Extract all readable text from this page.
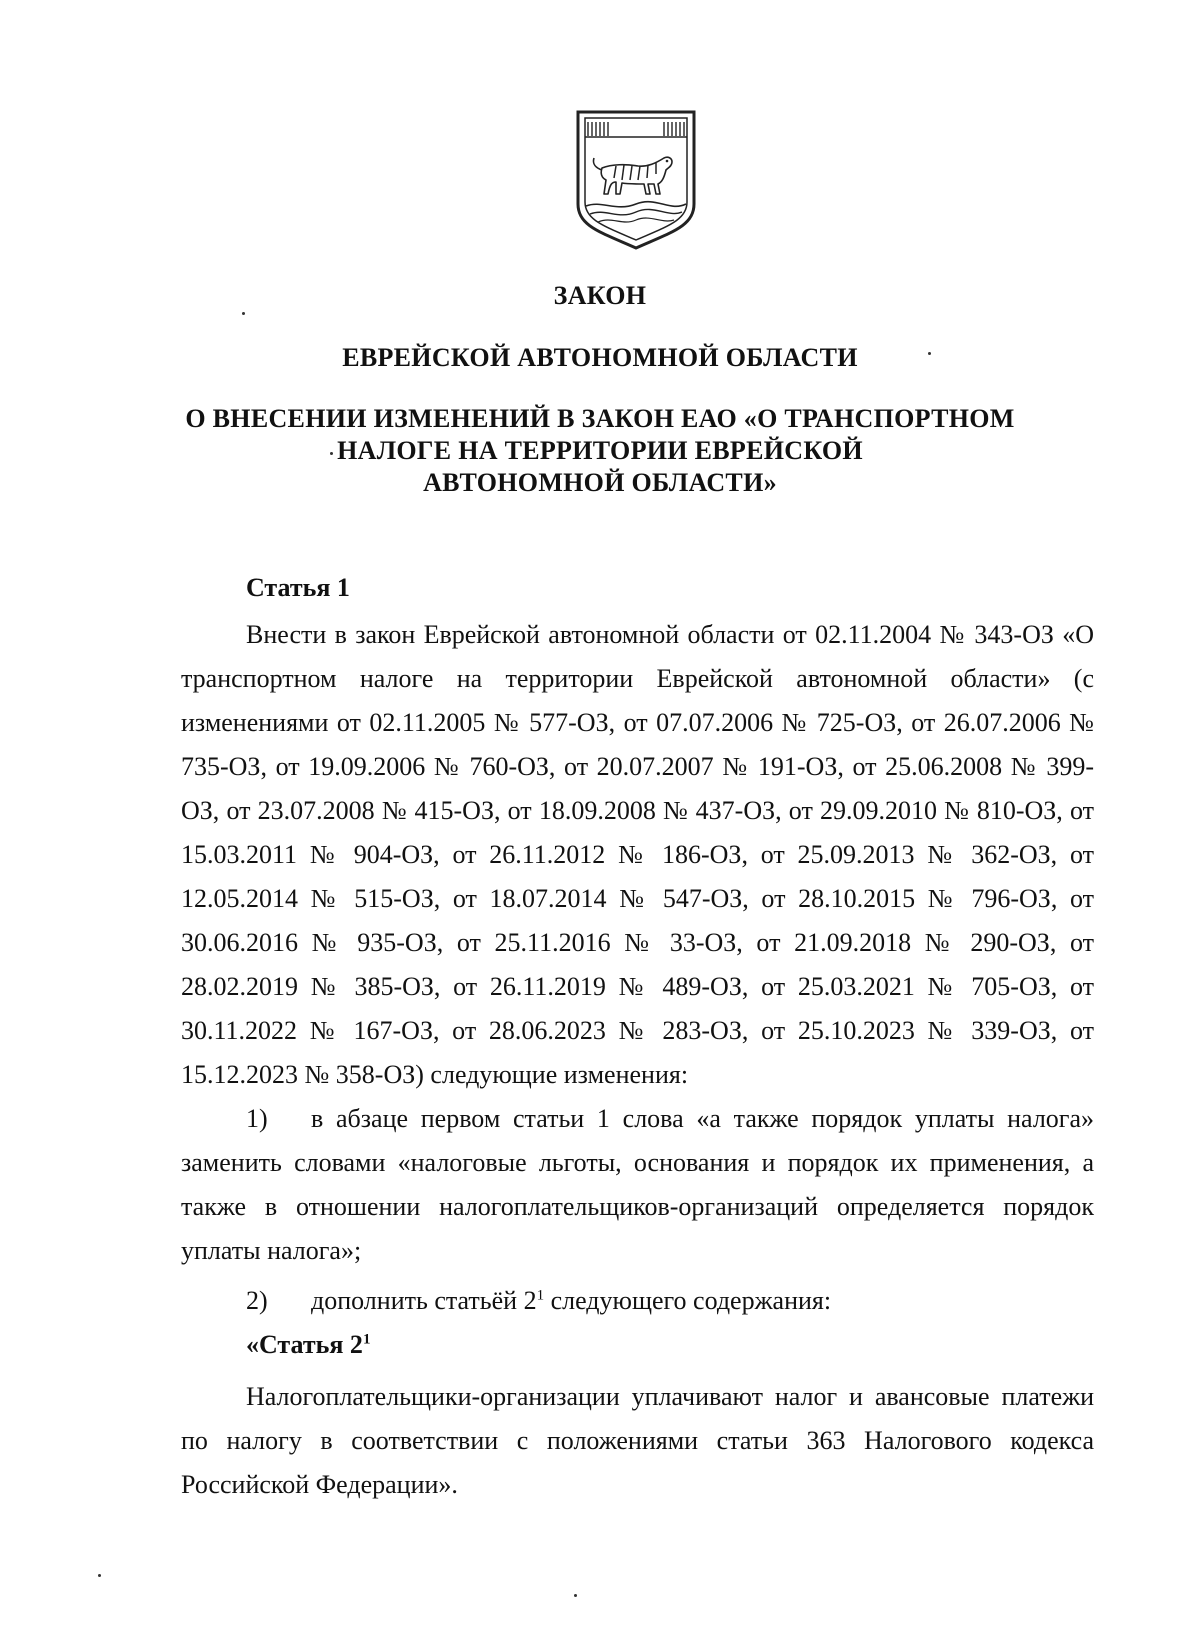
ЗАКОН
ЕВРЕЙСКОЙ АВТОНОМНОЙ ОБЛАСТИ
О ВНЕСЕНИИ ИЗМЕНЕНИЙ В ЗАКОН ЕАО «О ТРАНСПОРТНОМ
НАЛОГЕ НА ТЕРРИТОРИИ ЕВРЕЙСКОЙ
АВТОНОМНОЙ ОБЛАСТИ»
Статья 1

Внести в закон Еврейской автономной области от 02.11.2004 № 343-ОЗ «О транспортном налоге на территории Еврейской автономной области» (с изменениями от 02.11.2005 № 577-ОЗ, от 07.07.2006 № 725-ОЗ, от 26.07.2006 № 735-ОЗ, от 19.09.2006 № 760-ОЗ, от 20.07.2007 № 191-ОЗ, от 25.06.2008 № 399-ОЗ, от 23.07.2008 № 415-ОЗ, от 18.09.2008 № 437-ОЗ, от 29.09.2010 № 810-ОЗ, от 15.03.2011 № 904-ОЗ, от 26.11.2012 № 186-ОЗ, от 25.09.2013 № 362-ОЗ, от 12.05.2014 № 515-ОЗ, от 18.07.2014 № 547-ОЗ, от 28.10.2015 № 796-ОЗ, от 30.06.2016 № 935-ОЗ, от 25.11.2016 № 33-ОЗ, от 21.09.2018 № 290-ОЗ, от 28.02.2019 № 385-ОЗ, от 26.11.2019 № 489-ОЗ, от 25.03.2021 № 705-ОЗ, от 30.11.2022 № 167-ОЗ, от 28.06.2023 № 283-ОЗ, от 25.10.2023 № 339-ОЗ, от 15.12.2023 № 358-ОЗ) следующие изменения:

1) в абзаце первом статьи 1 слова «а также порядок уплаты налога» заменить словами «налоговые льготы, основания и порядок их применения, а также в отношении налогоплательщиков-организаций определяется порядок уплаты налога»;

2) дополнить статьёй $2^1$ следующего содержания:

«Статья $2^1$

Налогоплательщики-организации уплачивают налог и авансовые платежи по налогу в соответствии с положениями статьи 363 Налогового кодекса Российской Федерации».
